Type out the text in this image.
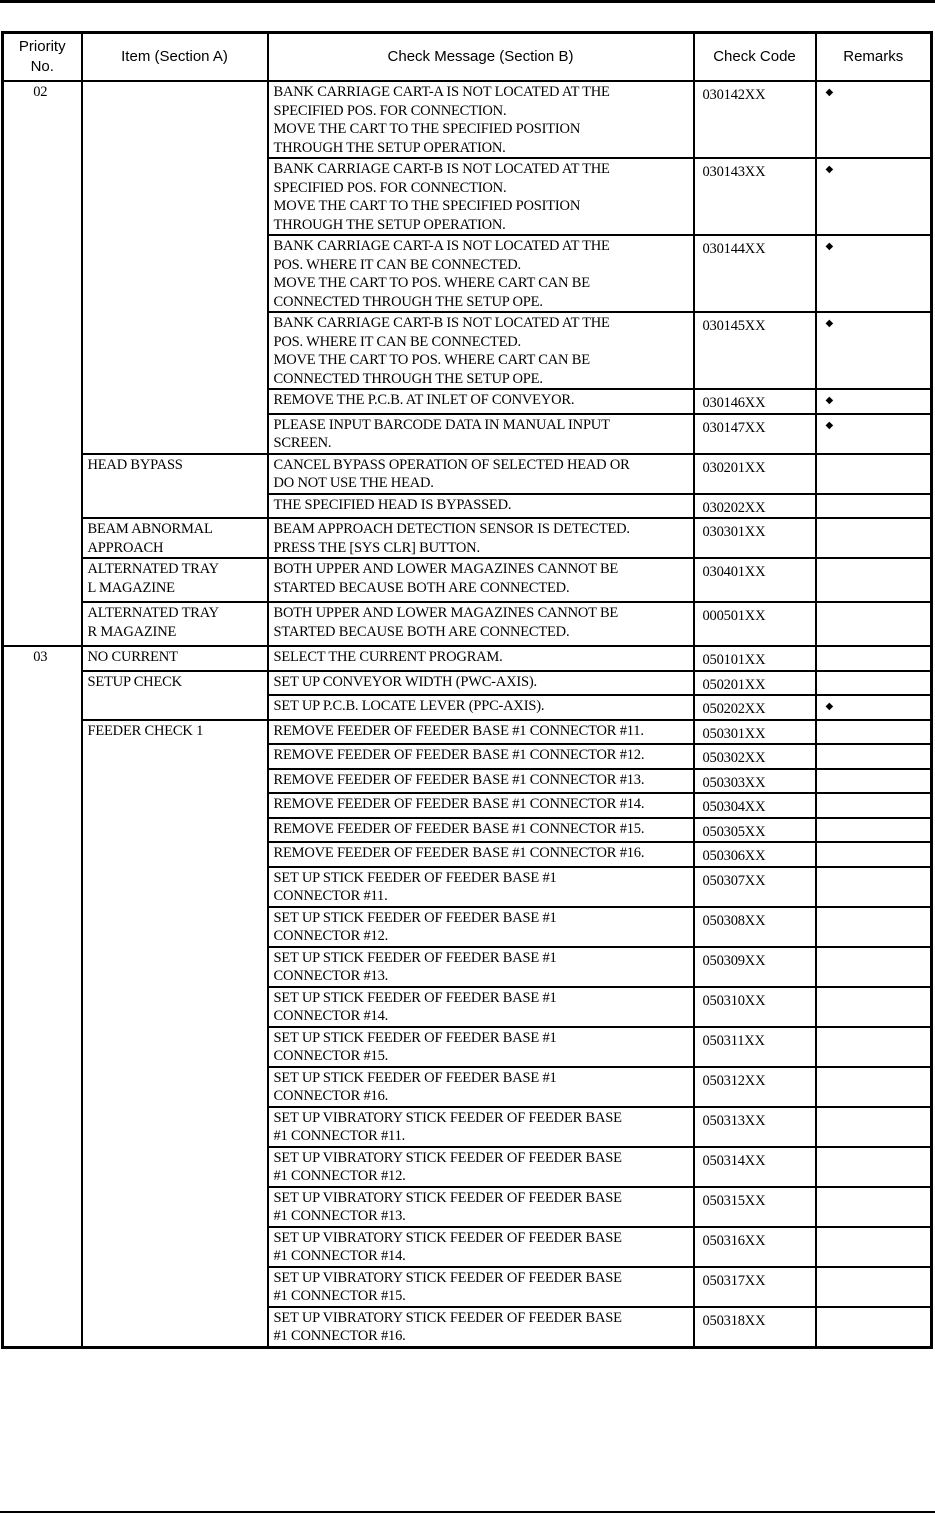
Priority
No.	Item (Section A)	Check Message (Section B)	Check Code	Remarks

02		BANK CARRIAGE CART-A IS NOT LOCATED AT THE
SPECIFIED POS. FOR CONNECTION.
MOVE THE CART TO THE SPECIFIED POSITION
THROUGH THE SETUP OPERATION.	030142XX	◆

		BANK CARRIAGE CART-B IS NOT LOCATED AT THE
SPECIFIED POS. FOR CONNECTION.
MOVE THE CART TO THE SPECIFIED POSITION
THROUGH THE SETUP OPERATION.	030143XX	◆

		BANK CARRIAGE CART-A IS NOT LOCATED AT THE
POS. WHERE IT CAN BE CONNECTED.
MOVE THE CART TO POS. WHERE CART CAN BE
CONNECTED THROUGH THE SETUP OPE.	030144XX	◆

		BANK CARRIAGE CART-B IS NOT LOCATED AT THE
POS. WHERE IT CAN BE CONNECTED.
MOVE THE CART TO POS. WHERE CART CAN BE
CONNECTED THROUGH THE SETUP OPE.	030145XX	◆

		REMOVE THE P.C.B. AT INLET OF CONVEYOR.	030146XX	◆

		PLEASE INPUT BARCODE DATA IN MANUAL INPUT
SCREEN.	030147XX	◆

	HEAD BYPASS	CANCEL BYPASS OPERATION OF SELECTED HEAD OR
DO NOT USE THE HEAD.	030201XX	

		THE SPECIFIED HEAD IS BYPASSED.	030202XX	

	BEAM ABNORMAL
APPROACH	BEAM APPROACH DETECTION SENSOR IS DETECTED.
PRESS THE [SYS CLR] BUTTON.	030301XX	

	ALTERNATED TRAY
L MAGAZINE	BOTH UPPER AND LOWER MAGAZINES CANNOT BE
STARTED BECAUSE BOTH ARE CONNECTED.	030401XX	

	ALTERNATED TRAY
R MAGAZINE	BOTH UPPER AND LOWER MAGAZINES CANNOT BE
STARTED BECAUSE BOTH ARE CONNECTED.	000501XX	

03	NO CURRENT	SELECT THE CURRENT PROGRAM.	050101XX	

	SETUP CHECK	SET UP CONVEYOR WIDTH (PWC-AXIS).	050201XX	

		SET UP P.C.B. LOCATE LEVER (PPC-AXIS).	050202XX	◆

	FEEDER CHECK 1	REMOVE FEEDER OF FEEDER BASE #1 CONNECTOR #11.	050301XX	

		REMOVE FEEDER OF FEEDER BASE #1 CONNECTOR #12.	050302XX	

		REMOVE FEEDER OF FEEDER BASE #1 CONNECTOR #13.	050303XX	

		REMOVE FEEDER OF FEEDER BASE #1 CONNECTOR #14.	050304XX	

		REMOVE FEEDER OF FEEDER BASE #1 CONNECTOR #15.	050305XX	

		REMOVE FEEDER OF FEEDER BASE #1 CONNECTOR #16.	050306XX	

		SET UP STICK FEEDER OF FEEDER BASE #1
CONNECTOR #11.	050307XX	

		SET UP STICK FEEDER OF FEEDER BASE #1
CONNECTOR #12.	050308XX	

		SET UP STICK FEEDER OF FEEDER BASE #1
CONNECTOR #13.	050309XX	

		SET UP STICK FEEDER OF FEEDER BASE #1
CONNECTOR #14.	050310XX	

		SET UP STICK FEEDER OF FEEDER BASE #1
CONNECTOR #15.	050311XX	

		SET UP STICK FEEDER OF FEEDER BASE #1
CONNECTOR #16.	050312XX	

		SET UP VIBRATORY STICK FEEDER OF FEEDER BASE
#1 CONNECTOR #11.	050313XX	

		SET UP VIBRATORY STICK FEEDER OF FEEDER BASE
#1 CONNECTOR #12.	050314XX	

		SET UP VIBRATORY STICK FEEDER OF FEEDER BASE
#1 CONNECTOR #13.	050315XX	

		SET UP VIBRATORY STICK FEEDER OF FEEDER BASE
#1 CONNECTOR #14.	050316XX	

		SET UP VIBRATORY STICK FEEDER OF FEEDER BASE
#1 CONNECTOR #15.	050317XX	

		SET UP VIBRATORY STICK FEEDER OF FEEDER BASE
#1 CONNECTOR #16.	050318XX	
